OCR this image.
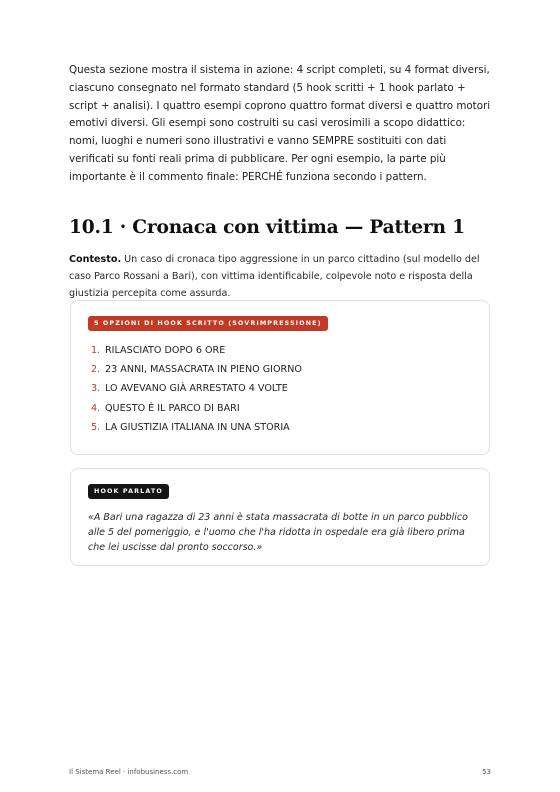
Questa sezione mostra il sistema in azione: 4 script completi, su 4 format diversi, ciascuno consegnato nel formato standard (5 hook scritti + 1 hook parlato + script + analisi). I quattro esempi coprono quattro format diversi e quattro motori emotivi diversi. Gli esempi sono costruiti su casi verosimili a scopo didattico: nomi, luoghi e numeri sono illustrativi e vanno SEMPRE sostituiti con dati verificati su fonti reali prima di pubblicare. Per ogni esempio, la parte più importante è il commento finale: PERCHÉ funziona secondo i pattern.

10.1 · Cronaca con vittima — Pattern 1

Contesto. Un caso di cronaca tipo aggressione in un parco cittadino (sul modello del caso Parco Rossani a Bari), con vittima identificabile, colpevole noto e risposta della giustizia percepita come assurda.

5 OPZIONI DI HOOK SCRITTO (SOVRIMPRESSIONE)
1. RILASCIATO DOPO 6 ORE
2. 23 ANNI, MASSACRATA IN PIENO GIORNO
3. LO AVEVANO GIÀ ARRESTATO 4 VOLTE
4. QUESTO È IL PARCO DI BARI
5. LA GIUSTIZIA ITALIANA IN UNA STORIA
HOOK PARLATO

«A Bari una ragazza di 23 anni è stata massacrata di botte in un parco pubblico alle 5 del pomeriggio, e l'uomo che l'ha ridotta in ospedale era già libero prima che lei uscisse dal pronto soccorso.»

Il Sistema Reel · infobusiness.com	53
